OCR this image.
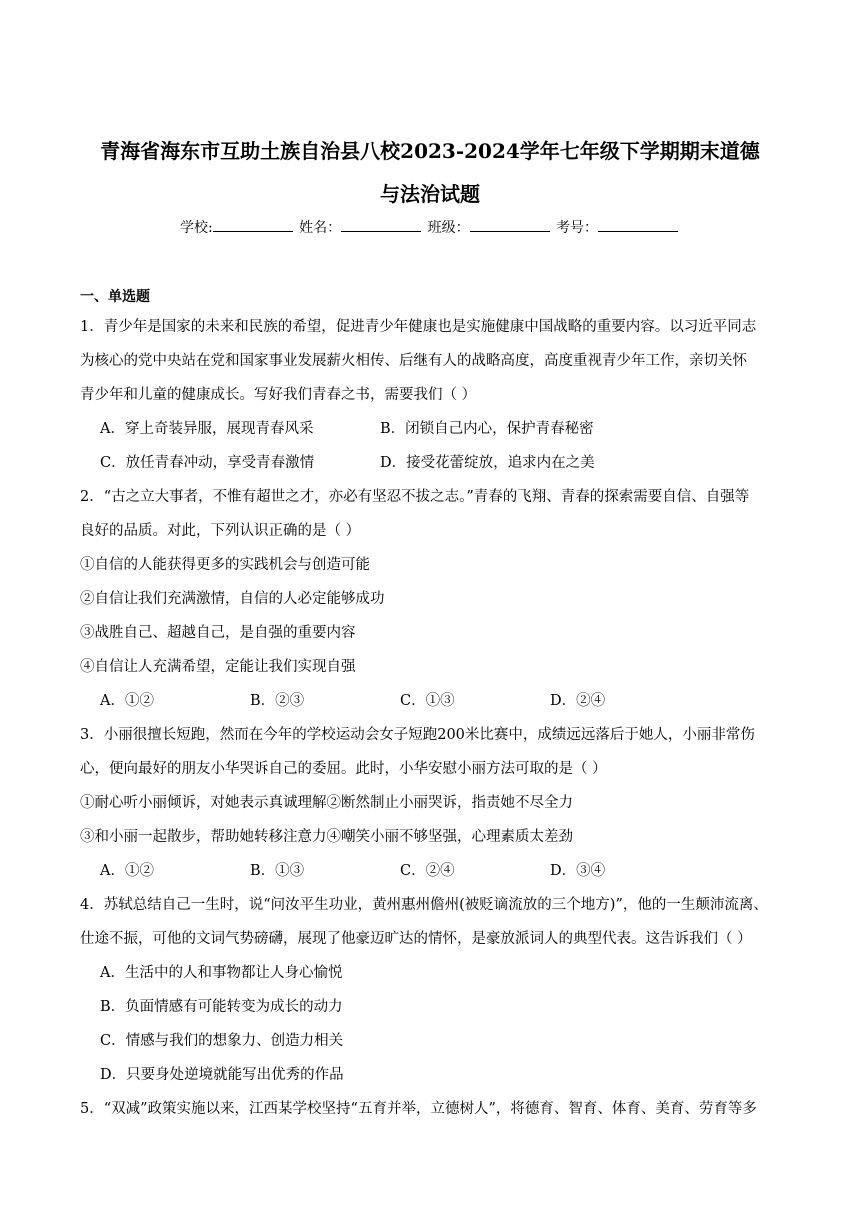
青海省海东市互助土族自治县八校2023-2024学年七年级下学期期末道德
与法治试题
学校:	姓名：	班级：	考号：
一、单选题

1．青少年是国家的未来和民族的希望，促进青少年健康也是实施健康中国战略的重要内容。以习近平同志

为核心的党中央站在党和国家事业发展薪火相传、后继有人的战略高度，高度重视青少年工作，亲切关怀

青少年和儿童的健康成长。写好我们青春之书，需要我们（ ）

A．穿上奇装异服，展现青春风采	B．闭锁自己内心，保护青春秘密

C．放任青春冲动，享受青春激情	D．接受花蕾绽放，追求内在之美

2．“古之立大事者，不惟有超世之才，亦必有坚忍不拔之志。”青春的飞翔、青春的探索需要自信、自强等

良好的品质。对此，下列认识正确的是（ ）

①自信的人能获得更多的实践机会与创造可能

②自信让我们充满激情，自信的人必定能够成功

③战胜自己、超越自己，是自强的重要内容

④自信让人充满希望，定能让我们实现自强

A．①②	B．②③	C．①③	D．②④

3．小丽很擅长短跑，然而在今年的学校运动会女子短跑200米比赛中，成绩远远落后于她人，小丽非常伤

心，便向最好的朋友小华哭诉自己的委屈。此时，小华安慰小丽方法可取的是（ ）

①耐心听小丽倾诉，对她表示真诚理解②断然制止小丽哭诉，指责她不尽全力

③和小丽一起散步，帮助她转移注意力④嘲笑小丽不够坚强，心理素质太差劲

A．①②	B．①③	C．②④	D．③④

4．苏轼总结自己一生时，说“问汝平生功业，黄州惠州儋州(被贬谪流放的三个地方)”，他的一生颠沛流离、

仕途不振，可他的文词气势磅礴，展现了他豪迈旷达的情怀，是豪放派词人的典型代表。这告诉我们（ ）

A．生活中的人和事物都让人身心愉悦

B．负面情感有可能转变为成长的动力

C．情感与我们的想象力、创造力相关

D．只要身处逆境就能写出优秀的作品

5．“双减”政策实施以来，江西某学校坚持“五育并举，立德树人”，将德育、智育、体育、美育、劳育等多
